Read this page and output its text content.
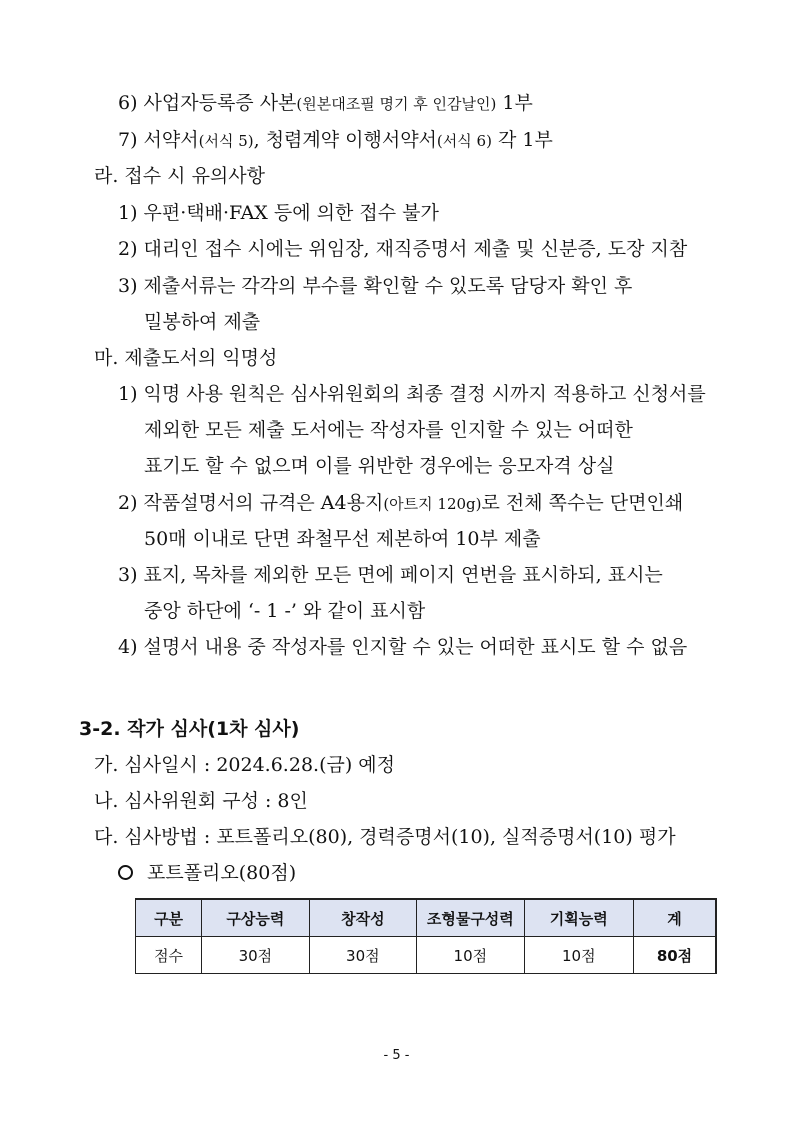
6) 사업자등록증 사본(원본대조필 명기 후 인감날인) 1부
7) 서약서(서식 5), 청렴계약 이행서약서(서식 6) 각 1부
라. 접수 시 유의사항
1) 우편·택배·FAX 등에 의한 접수 불가
2) 대리인 접수 시에는 위임장, 재직증명서 제출 및 신분증, 도장 지참
3) 제출서류는 각각의 부수를 확인할 수 있도록 담당자 확인 후
밀봉하여 제출
마. 제출도서의 익명성
1) 익명 사용 원칙은 심사위원회의 최종 결정 시까지 적용하고 신청서를
제외한 모든 제출 도서에는 작성자를 인지할 수 있는 어떠한
표기도 할 수 없으며 이를 위반한 경우에는 응모자격 상실
2) 작품설명서의 규격은 A4용지(아트지 120g)로 전체 쪽수는 단면인쇄
50매 이내로 단면 좌철무선 제본하여 10부 제출
3) 표지, 목차를 제외한 모든 면에 페이지 연번을 표시하되, 표시는
중앙 하단에 ‘- 1 -’ 와 같이 표시함
4) 설명서 내용 중 작성자를 인지할 수 있는 어떠한 표시도 할 수 없음
3-2. 작가 심사(1차 심사)
가. 심사일시 : 2024.6.28.(금) 예정
나. 심사위원회 구성 : 8인
다. 심사방법 : 포트폴리오(80), 경력증명서(10), 실적증명서(10) 평가
포트폴리오(80점)
구분	구상능력	창작성	조형물구성력	기획능력	계
점수	30점	30점	10점	10점	80점
- 5 -
